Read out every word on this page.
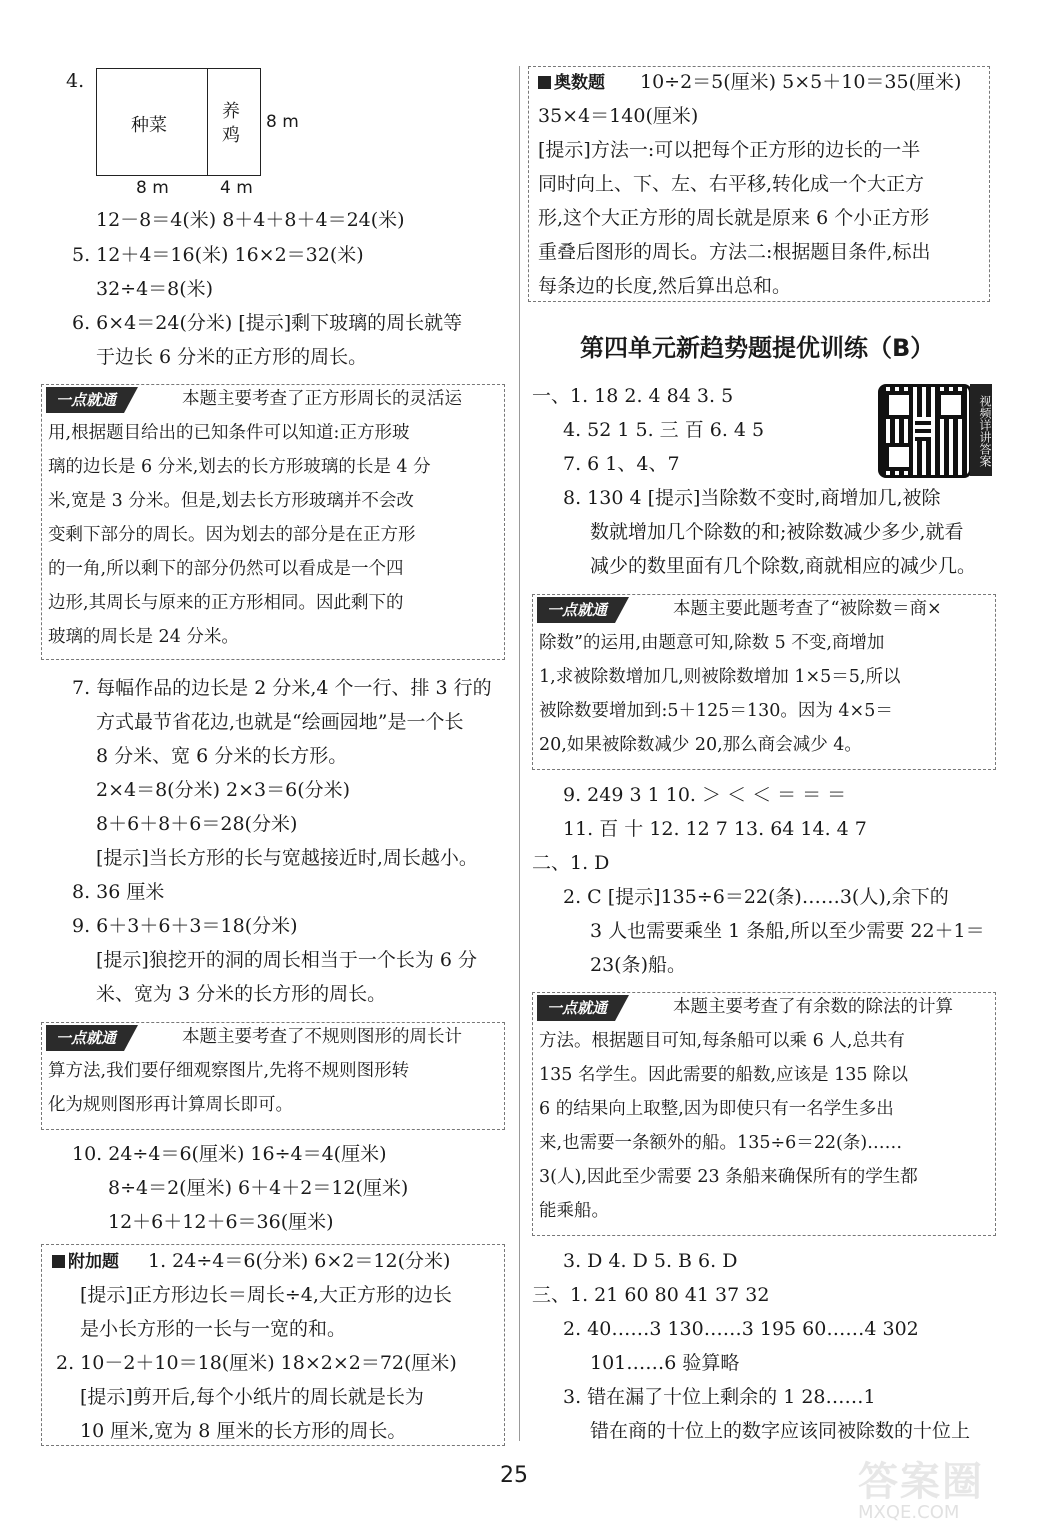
4.
种菜
养
鸡
8 m
8 m	4 m
12－8＝4(米) 8＋4＋8＋4＝24(米)
5. 12＋4＝16(米) 16×2＝32(米)
32÷4＝8(米)
6. 6×4＝24(分米) [提示]剩下玻璃的周长就等
于边长 6 分米的正方形的周长。
一点就通	本题主要考查了正方形周长的灵活运
用,根据题目给出的已知条件可以知道:正方形玻
璃的边长是 6 分米,划去的长方形玻璃的长是 4 分
米,宽是 3 分米。但是,划去长方形玻璃并不会改
变剩下部分的周长。因为划去的部分是在正方形
的一角,所以剩下的部分仍然可以看成是一个四
边形,其周长与原来的正方形相同。因此剩下的
玻璃的周长是 24 分米。
7. 每幅作品的边长是 2 分米,4 个一行、排 3 行的
方式最节省花边,也就是“绘画园地”是一个长
8 分米、宽 6 分米的长方形。
2×4＝8(分米) 2×3＝6(分米)
8＋6＋8＋6＝28(分米)
[提示]当长方形的长与宽越接近时,周长越小。
8. 36 厘米
9. 6＋3＋6＋3＝18(分米)
[提示]狼挖开的洞的周长相当于一个长为 6 分
米、宽为 3 分米的长方形的周长。
一点就通	本题主要考查了不规则图形的周长计
算方法,我们要仔细观察图片,先将不规则图形转
化为规则图形再计算周长即可。
10. 24÷4＝6(厘米) 16÷4＝4(厘米)
8÷4＝2(厘米) 6＋4＋2＝12(厘米)
12＋6＋12＋6＝36(厘米)
附加题 1. 24÷4＝6(分米) 6×2＝12(分米)
[提示]正方形边长＝周长÷4,大正方形的边长
是小长方形的一长与一宽的和。
2. 10－2＋10＝18(厘米) 18×2×2＝72(厘米)
[提示]剪开后,每个小纸片的周长就是长为
10 厘米,宽为 8 厘米的长方形的周长。
奥数题 10÷2＝5(厘米) 5×5＋10＝35(厘米)
35×4＝140(厘米)
[提示]方法一:可以把每个正方形的边长的一半
同时向上、下、左、右平移,转化成一个大正方
形,这个大正方形的周长就是原来 6 个小正方形
重叠后图形的周长。方法二:根据题目条件,标出
每条边的长度,然后算出总和。
第四单元新趋势题提优训练（B）
视频详讲答案
一、1. 18 2. 4 84 3. 5
4. 52 1 5. 三 百 6. 4 5
7. 6 1、4、7
8. 130 4 [提示]当除数不变时,商增加几,被除
数就增加几个除数的和;被除数减少多少,就看
减少的数里面有几个除数,商就相应的减少几。
一点就通	本题主要此题考查了“被除数＝商×
除数”的运用,由题意可知,除数 5 不变,商增加
1,求被除数增加几,则被除数增加 1×5＝5,所以
被除数要增加到:5＋125＝130。因为 4×5＝
20,如果被除数减少 20,那么商会减少 4。
9. 249 3 1 10. ＞ ＜ ＜ ＝ ＝ ＝
11. 百 十 12. 12 7 13. 64 14. 4 7
二、1. D
2. C [提示]135÷6＝22(条)……3(人),余下的
3 人也需要乘坐 1 条船,所以至少需要 22＋1＝
23(条)船。
一点就通	本题主要考查了有余数的除法的计算
方法。根据题目可知,每条船可以乘 6 人,总共有
135 名学生。因此需要的船数,应该是 135 除以
6 的结果向上取整,因为即使只有一名学生多出
来,也需要一条额外的船。135÷6＝22(条)……
3(人),因此至少需要 23 条船来确保所有的学生都
能乘船。
3. D 4. D 5. B 6. D
三、1. 21 60 80 41 37 32
2. 40……3 130……3 195 60……4 302
101……6 验算略
3. 错在漏了十位上剩余的 1 28……1
错在商的十位上的数字应该同被除数的十位上
25	答案圈
MXQE.COM
